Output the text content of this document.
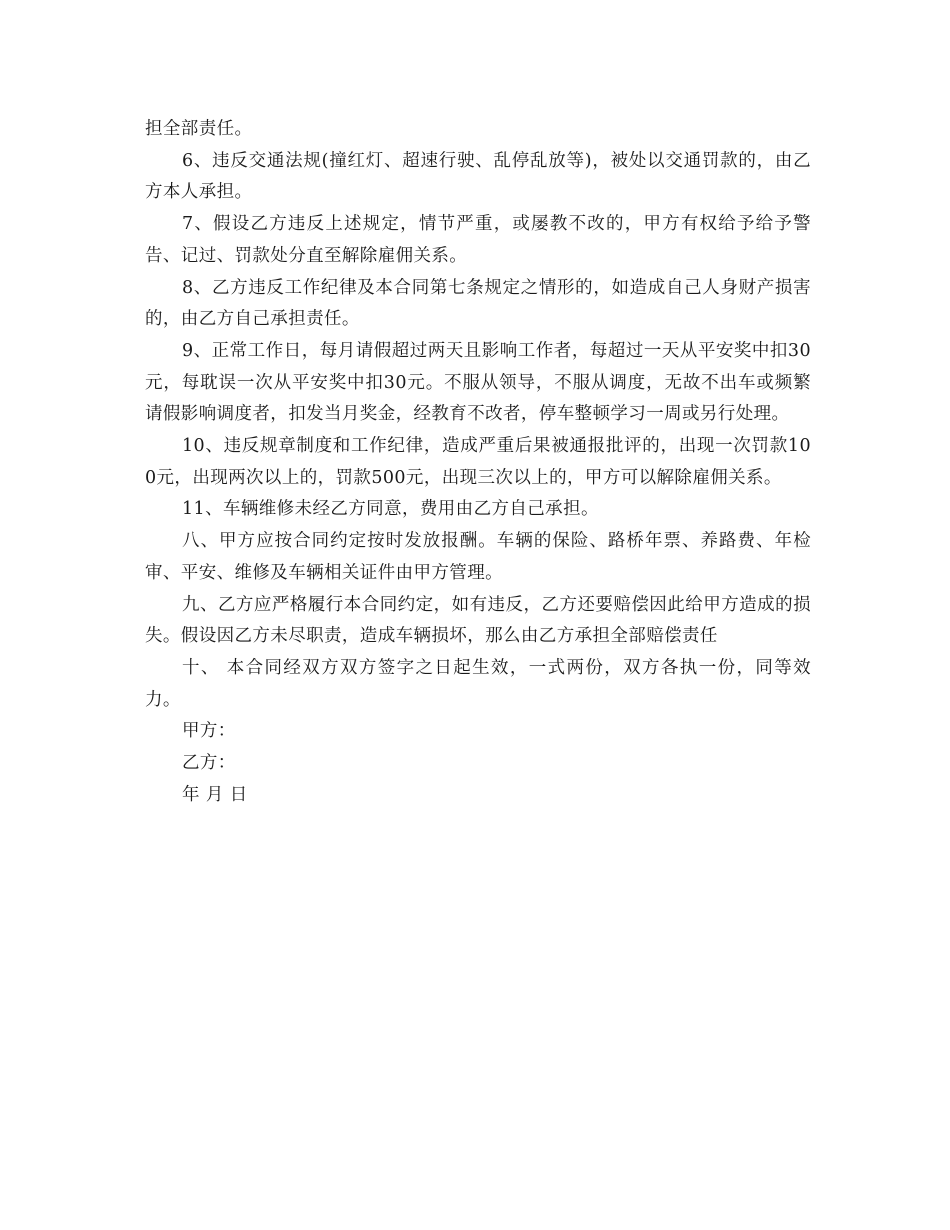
担全部责任。

6、违反交通法规(撞红灯、超速行驶、乱停乱放等)，被处以交通罚款的，由乙方本人承担。

7、假设乙方违反上述规定，情节严重，或屡教不改的，甲方有权给予给予警告、记过、罚款处分直至解除雇佣关系。

8、乙方违反工作纪律及本合同第七条规定之情形的，如造成自己人身财产损害的，由乙方自己承担责任。

9、正常工作日，每月请假超过两天且影响工作者，每超过一天从平安奖中扣30元，每耽误一次从平安奖中扣30元。不服从领导，不服从调度，无故不出车或频繁请假影响调度者，扣发当月奖金，经教育不改者，停车整顿学习一周或另行处理。

10、违反规章制度和工作纪律，造成严重后果被通报批评的，出现一次罚款100元，出现两次以上的，罚款500元，出现三次以上的，甲方可以解除雇佣关系。

11、车辆维修未经乙方同意，费用由乙方自己承担。

八、甲方应按合同约定按时发放报酬。车辆的保险、路桥年票、养路费、年检审、平安、维修及车辆相关证件由甲方管理。

九、乙方应严格履行本合同约定，如有违反，乙方还要赔偿因此给甲方造成的损失。假设因乙方未尽职责，造成车辆损坏，那么由乙方承担全部赔偿责任

十、 本合同经双方双方签字之日起生效，一式两份，双方各执一份，同等效力。

甲方：

乙方：

年 月 日
